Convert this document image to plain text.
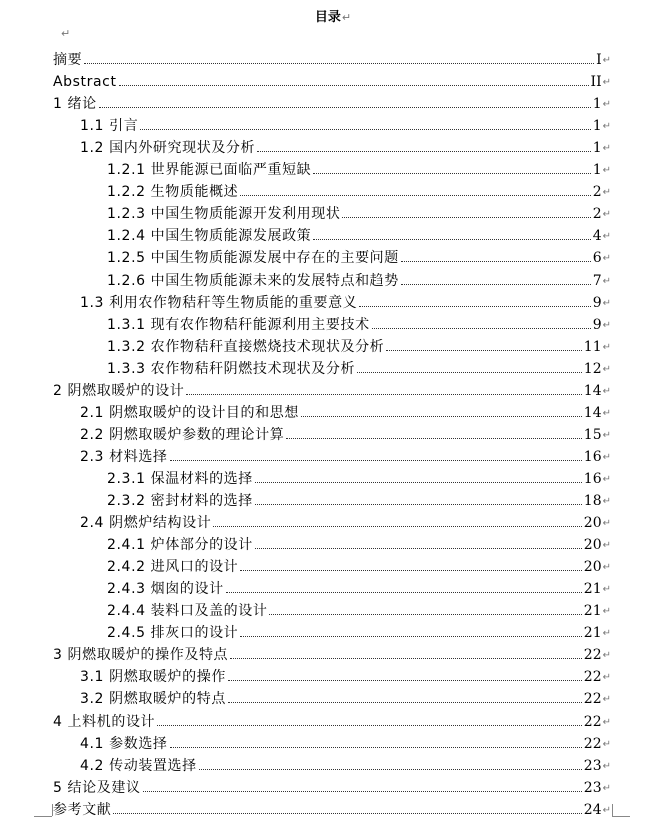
目录↵
↵
摘要	I ↵
Abstract	II ↵
1 绪论	1 ↵
1.1 引言	1 ↵
1.2 国内外研究现状及分析	1 ↵
1.2.1 世界能源已面临严重短缺	1 ↵
1.2.2 生物质能概述	2 ↵
1.2.3 中国生物质能源开发利用现状	2 ↵
1.2.4 中国生物质能源发展政策	4 ↵
1.2.5 中国生物质能源发展中存在的主要问题	6 ↵
1.2.6 中国生物质能源未来的发展特点和趋势	7 ↵
1.3 利用农作物秸秆等生物质能的重要意义	9 ↵
1.3.1 现有农作物秸秆能源利用主要技术	9 ↵
1.3.2 农作物秸秆直接燃烧技术现状及分析	11 ↵
1.3.3 农作物秸秆阴燃技术现状及分析	12 ↵
2 阴燃取暖炉的设计	14 ↵
2.1 阴燃取暖炉的设计目的和思想	14 ↵
2.2 阴燃取暖炉参数的理论计算	15 ↵
2.3 材料选择	16 ↵
2.3.1 保温材料的选择	16 ↵
2.3.2 密封材料的选择	18 ↵
2.4 阴燃炉结构设计	20 ↵
2.4.1 炉体部分的设计	20 ↵
2.4.2 进风口的设计	20 ↵
2.4.3 烟囱的设计	21 ↵
2.4.4 装料口及盖的设计	21 ↵
2.4.5 排灰口的设计	21 ↵
3 阴燃取暖炉的操作及特点	22 ↵
3.1 阴燃取暖炉的操作	22 ↵
3.2 阴燃取暖炉的特点	22 ↵
4 上料机的设计	22 ↵
4.1 参数选择	22 ↵
4.2 传动装置选择	23 ↵
5 结论及建议	23 ↵
参考文献	24 ↵
